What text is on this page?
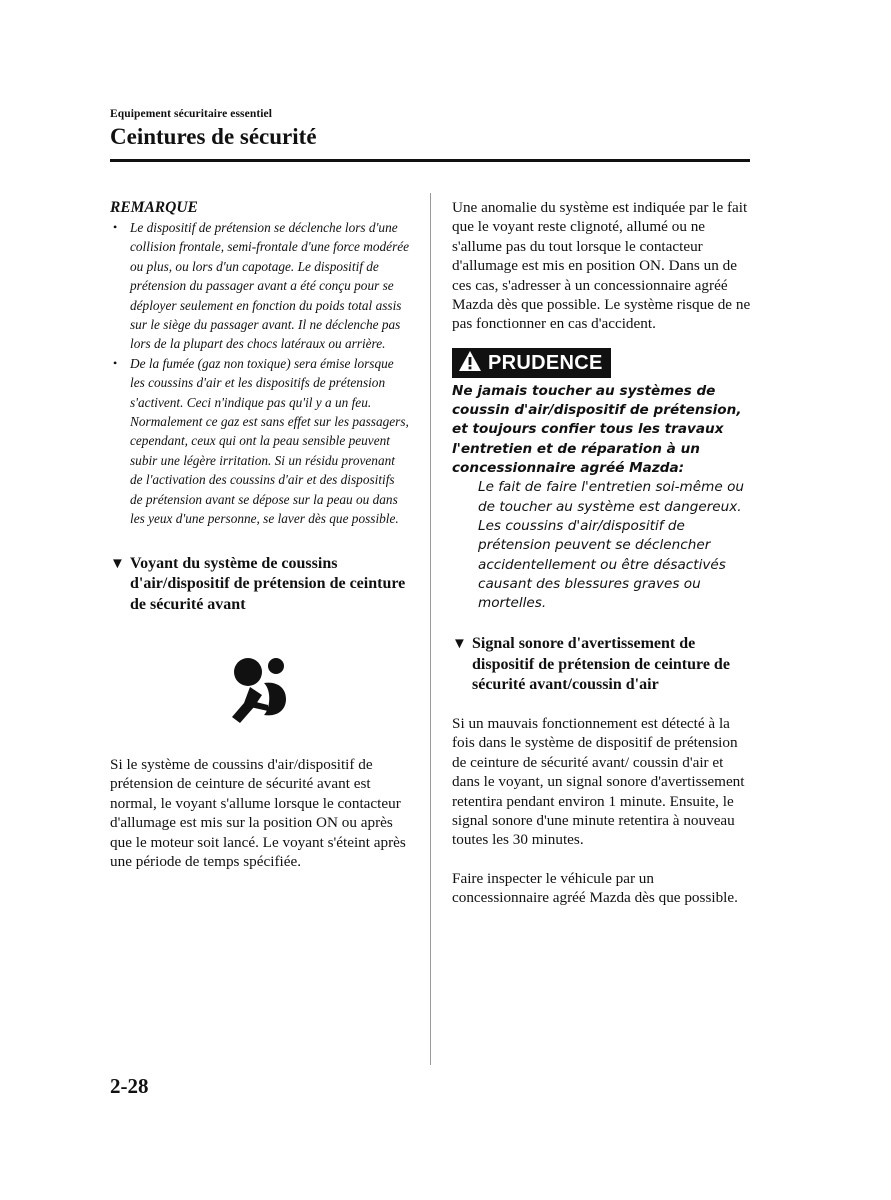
Equipement sécuritaire essentiel
Ceintures de sécurité
REMARQUE
• Le dispositif de prétension se déclenche lors d'une collision frontale, semi-frontale d'une force modérée ou plus, ou lors d'un capotage. Le dispositif de prétension du passager avant a été conçu pour se déployer seulement en fonction du poids total assis sur le siège du passager avant. Il ne déclenche pas lors de la plupart des chocs latéraux ou arrière.
• De la fumée (gaz non toxique) sera émise lorsque les coussins d'air et les dispositifs de prétension s'activent. Ceci n'indique pas qu'il y a un feu. Normalement ce gaz est sans effet sur les passagers, cependant, ceux qui ont la peau sensible peuvent subir une légère irritation. Si un résidu provenant de l'activation des coussins d'air et des dispositifs de prétension avant se dépose sur la peau ou dans les yeux d'une personne, se laver dès que possible.
▼ Voyant du système de coussins d'air/dispositif de prétension de ceinture de sécurité avant
Si le système de coussins d'air/dispositif de prétension de ceinture de sécurité avant est normal, le voyant s'allume lorsque le contacteur d'allumage est mis sur la position ON ou après que le moteur soit lancé. Le voyant s'éteint après une période de temps spécifiée.
Une anomalie du système est indiquée par le fait que le voyant reste clignoté, allumé ou ne s'allume pas du tout lorsque le contacteur d'allumage est mis en position ON. Dans un de ces cas, s'adresser à un concessionnaire agréé Mazda dès que possible. Le système risque de ne pas fonctionner en cas d'accident.
PRUDENCE
Ne jamais toucher au systèmes de coussin d'air/dispositif de prétension, et toujours confier tous les travaux l'entretien et de réparation à un concessionnaire agréé Mazda:
Le fait de faire l'entretien soi-même ou de toucher au système est dangereux. Les coussins d'air/dispositif de prétension peuvent se déclencher accidentellement ou être désactivés causant des blessures graves ou mortelles.
▼ Signal sonore d'avertissement de dispositif de prétension de ceinture de sécurité avant/coussin d'air
Si un mauvais fonctionnement est détecté à la fois dans le système de dispositif de prétension de ceinture de sécurité avant/ coussin d'air et dans le voyant, un signal sonore d'avertissement retentira pendant environ 1 minute. Ensuite, le signal sonore d'une minute retentira à nouveau toutes les 30 minutes.
Faire inspecter le véhicule par un concessionnaire agréé Mazda dès que possible.
2-28
